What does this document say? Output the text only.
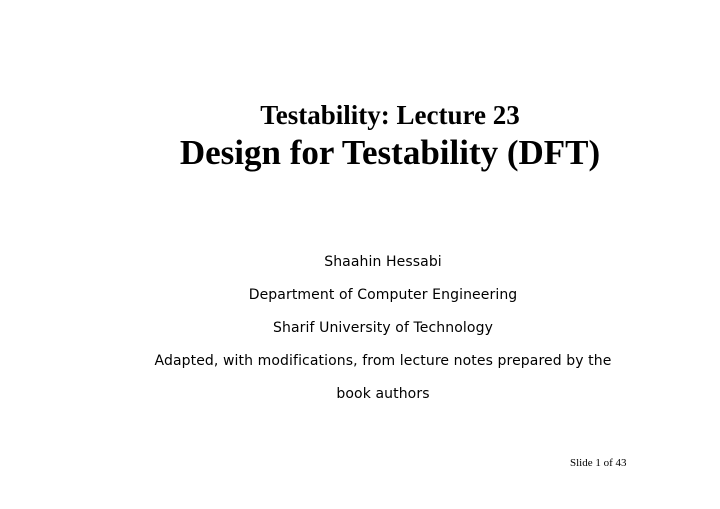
Testability: Lecture 23

Design for Testability (DFT)

Shaahin Hessabi
Department of Computer Engineering
Sharif University of Technology
Adapted, with modifications, from lecture notes prepared by the
book authors
Slide 1 of 43
